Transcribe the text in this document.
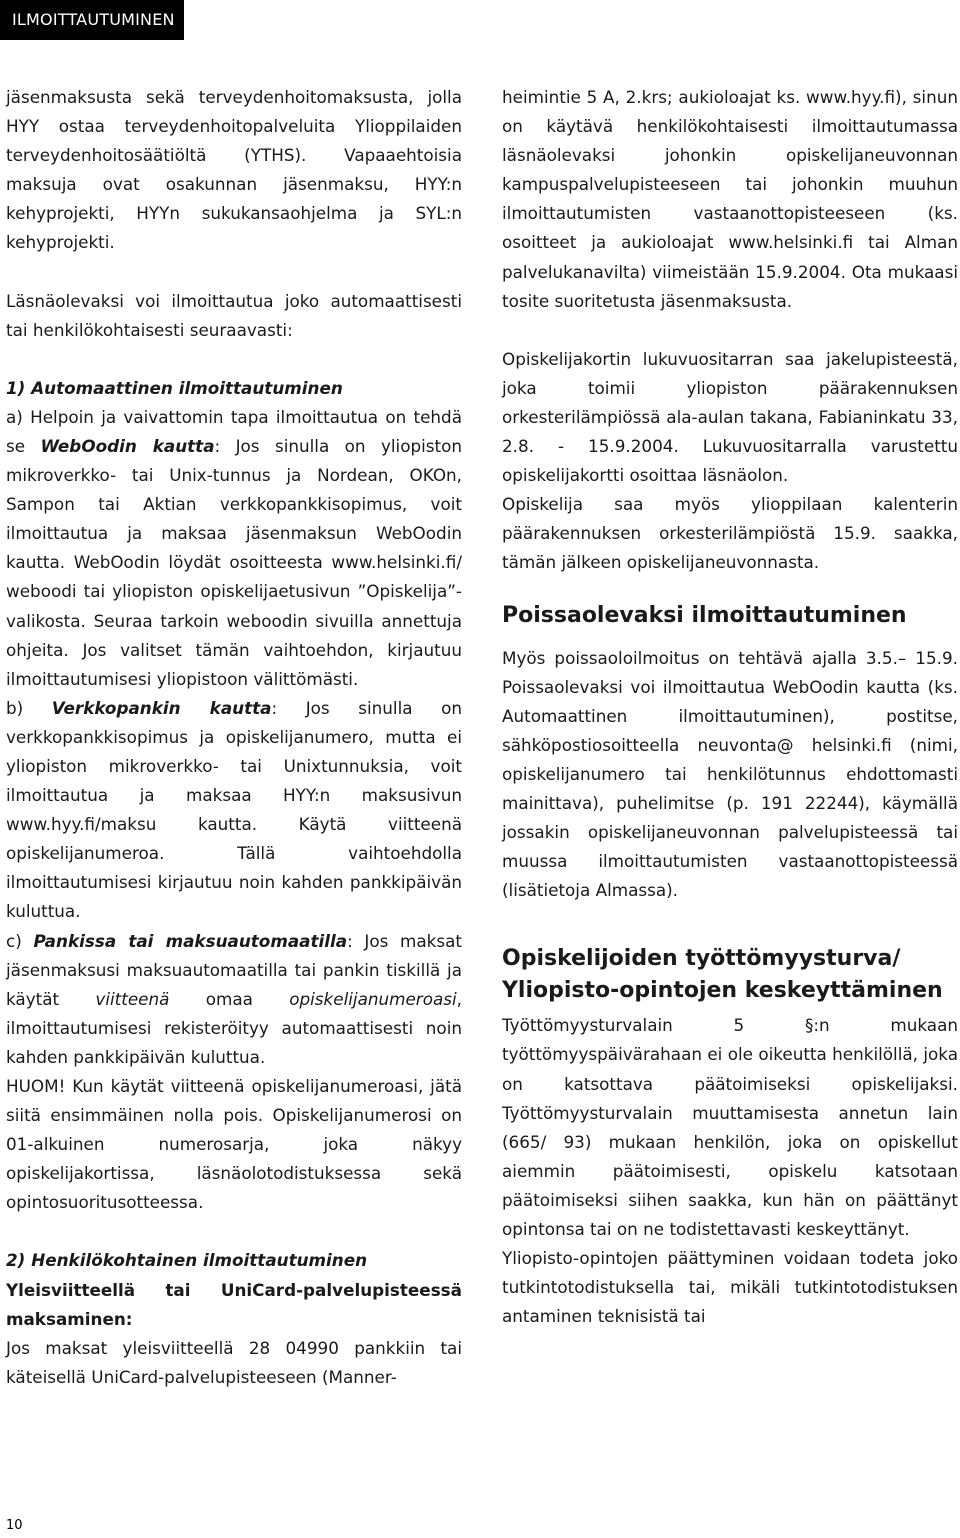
ILMOITTAUTUMINEN

jäsenmaksusta sekä terveydenhoitomaksusta, jolla HYY ostaa terveydenhoitopalveluita Ylioppilaiden terveydenhoitosäätiöltä (YTHS). Vapaaehtoisia maksuja ovat osakunnan jäsenmaksu, HYY:n kehyprojekti, HYYn sukukansaohjelma ja SYL:n kehyprojekti.

Läsnäolevaksi voi ilmoittautua joko automaattisesti tai henkilökohtaisesti seuraavasti:

1) Automaattinen ilmoittautuminen

a) Helpoin ja vaivattomin tapa ilmoittautua on tehdä se WebOodin kautta: Jos sinulla on yliopiston mikroverkko- tai Unix-tunnus ja Nordean, OKOn, Sampon tai Aktian verkkopankkisopimus, voit ilmoittautua ja maksaa jäsenmaksun WebOodin kautta. WebOodin löydät osoitteesta www.helsinki.fi/ weboodi tai yliopiston opiskelijaetusivun ”Opiskelija”-valikosta. Seuraa tarkoin weboodin sivuilla annettuja ohjeita. Jos valitset tämän vaihtoehdon, kirjautuu ilmoittautumisesi yliopistoon välittömästi.

b) Verkkopankin kautta: Jos sinulla on verkkopankkisopimus ja opiskelijanumero, mutta ei yliopiston mikroverkko- tai Unixtunnuksia, voit ilmoittautua ja maksaa HYY:n maksusivun www.hyy.fi/maksu kautta. Käytä viitteenä opiskelijanumeroa. Tällä vaihtoehdolla ilmoittautumisesi kirjautuu noin kahden pankkipäivän kuluttua.

c) Pankissa tai maksuautomaatilla: Jos maksat jäsenmaksusi maksuautomaatilla tai pankin tiskillä ja käytät viitteenä omaa opiskelijanumeroasi, ilmoittautumisesi rekisteröityy automaattisesti noin kahden pankkipäivän kuluttua.

HUOM! Kun käytät viitteenä opiskelijanumeroasi, jätä siitä ensimmäinen nolla pois. Opiskelijanumerosi on 01-alkuinen numerosarja, joka näkyy opiskelijakortissa, läsnäolotodistuksessa sekä opintosuoritusotteessa.

2) Henkilökohtainen ilmoittautuminen

Yleisviitteellä tai UniCard-palvelupisteessä maksaminen:

Jos maksat yleisviitteellä 28 04990 pankkiin tai käteisellä UniCard-palvelupisteeseen (Manner-

heimintie 5 A, 2.krs; aukioloajat ks. www.hyy.fi), sinun on käytävä henkilökohtaisesti ilmoittautumassa läsnäolevaksi johonkin opiskelijaneuvonnan kampuspalvelupisteeseen tai johonkin muuhun ilmoittautumisten vastaanottopisteeseen (ks. osoitteet ja aukioloajat www.helsinki.fi tai Alman palvelukanavilta) viimeistään 15.9.2004. Ota mukaasi tosite suoritetusta jäsenmaksusta.

Opiskelijakortin lukuvuositarran saa jakelupisteestä, joka toimii yliopiston päärakennuksen orkesterilämpiössä ala-aulan takana, Fabianinkatu 33, 2.8. - 15.9.2004. Lukuvuositarralla varustettu opiskelijakortti osoittaa läsnäolon.

Opiskelija saa myös ylioppilaan kalenterin päärakennuksen orkesterilämpiöstä 15.9. saakka, tämän jälkeen opiskelijaneuvonnasta.

Poissaolevaksi ilmoittautuminen

Myös poissaoloilmoitus on tehtävä ajalla 3.5.– 15.9. Poissaolevaksi voi ilmoittautua WebOodin kautta (ks. Automaattinen ilmoittautuminen), postitse, sähköpostiosoitteella neuvonta@ helsinki.fi (nimi, opiskelijanumero tai henkilötunnus ehdottomasti mainittava), puhelimitse (p. 191 22244), käymällä jossakin opiskelijaneuvonnan palvelupisteessä tai muussa ilmoittautumisten vastaanottopisteessä (lisätietoja Almassa).

Opiskelijoiden työttömyysturva/ Yliopisto-opintojen keskeyttäminen

Työttömyysturvalain 5 §:n mukaan työttömyyspäivärahaan ei ole oikeutta henkilöllä, joka on katsottava päätoimiseksi opiskelijaksi. Työttömyysturvalain muuttamisesta annetun lain (665/ 93) mukaan henkilön, joka on opiskellut aiemmin päätoimisesti, opiskelu katsotaan päätoimiseksi siihen saakka, kun hän on päättänyt opintonsa tai on ne todistettavasti keskeyttänyt.

Yliopisto-opintojen päättyminen voidaan todeta joko tutkintotodistuksella tai, mikäli tutkintotodistuksen antaminen teknisistä tai

10
